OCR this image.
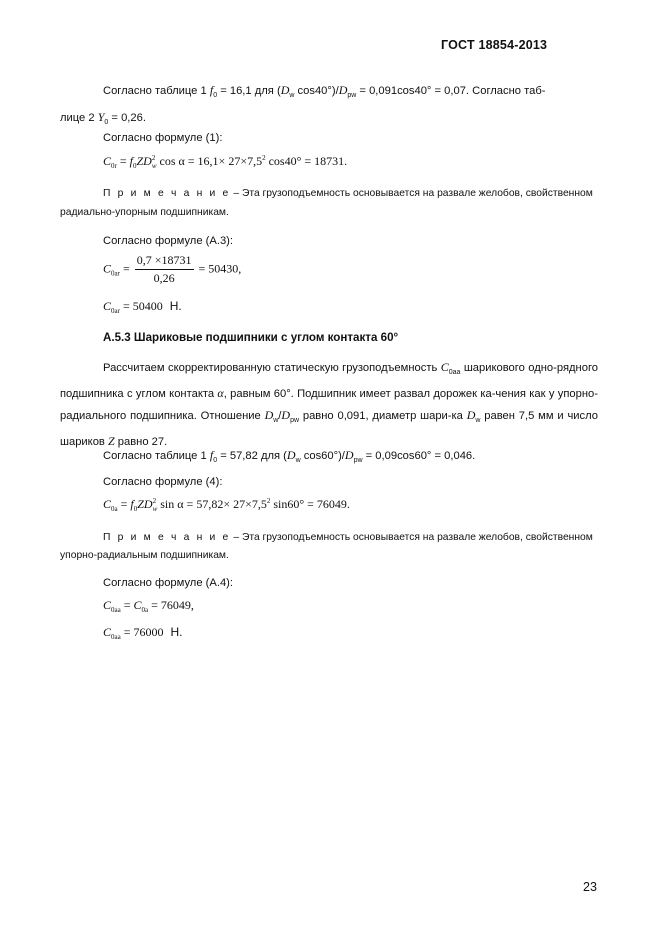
ГОСТ 18854-2013
Согласно таблице 1 $f_0 = 16,1$ для ($D_w$ $\cos 40^\circ)/D_{pw} = 0,091\cos 40^\circ = 0,07$. Согласно таб-
лице 2 $Y_0 = 0,26$.
Согласно формуле (1):
$C_{0r} = f_0ZD$ 2
w $\cos \alpha = 16,1\times 27\times 7,5^2$ cos40° = 18731.
П р и м е ч а н и е – Эта грузоподъемность основывается на развале желобов, свойственном
радиально-упорным подшипникам.
Согласно формуле (А.3):
$C_{0ar} = \frac{0,7 \times 18731}{0,26} = 50430$,
$C_{0ar} = 50400$ Н.
А.5.3 Шариковые подшипники с углом контакта 60°
Рассчитаем скорректированную статическую грузоподъемность $C_{0aa}$ шарикового одно-рядного подшипника с углом контакта α, равным 60°. Подшипник имеет развал дорожек ка-чения как у упорно-радиального подшипника. Отношение $D_w/D_{pw}$ равно 0,091, диаметр шари-ка $D_w$ равен 7,5 мм и число шариков Z равно 27.
Согласно таблице 1 $f_0 = 57,82$ для ($D_w$ $\cos 60^\circ)/D_{pw} = 0,09\cos 60^\circ = 0,046$.
Согласно формуле (4):
$C_{0a} = f_0ZD$ 2
w $\sin \alpha = 57,82\times 27\times 7,5^2$ sin60° = 76049.
П р и м е ч а н и е – Эта грузоподъемность основывается на развале желобов, свойственном
упорно-радиальным подшипникам.
Согласно формуле (А.4):
$C_{0aa} = C_{0a} = 76049$,
$C_{0aa} = 76000$ Н.
23
